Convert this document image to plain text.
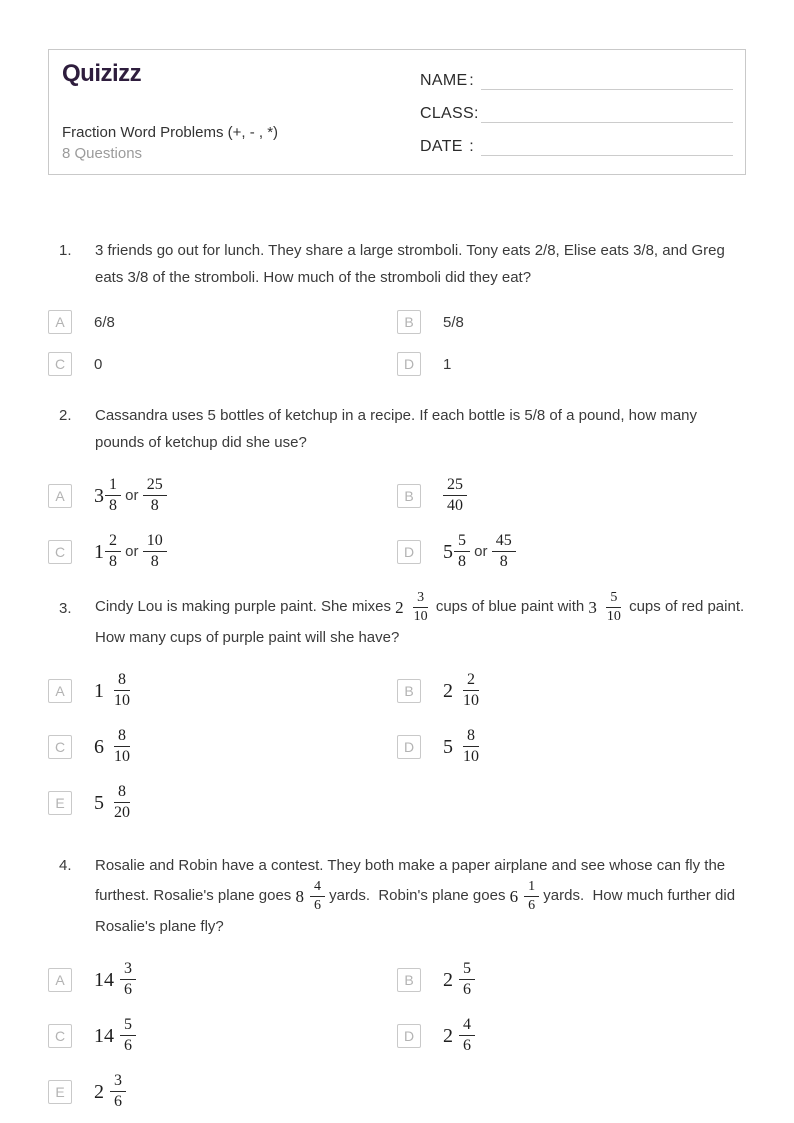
Quizizz
Fraction Word Problems (+, - , *)
8 Questions
NAME :
CLASS :
DATE :
1.	3 friends go out for lunch. They share a large stromboli. Tony eats 2/8, Elise eats 3/8, and Greg eats 3/8 of the stromboli. How much of the stromboli did they eat?
A	6/8	B	5/8
C	0	D	1
2.	Cassandra uses 5 bottles of ketchup in a recipe. If each bottle is 5/8 of a pound, how many pounds of ketchup did she use?
A	$3 \frac{1}{8}$ or $\frac{25}{8}$	B	$\frac{25}{40}$
C	$1 \frac{2}{8}$ or $\frac{10}{8}$	D	$5 \frac{5}{8}$ or $\frac{45}{8}$
3.	Cindy Lou is making purple paint. She mixes $2 \frac{3}{10}$ cups of blue paint with $3 \frac{5}{10}$ cups of red paint.  How many cups of purple paint will she have?
A	$1 \frac{8}{10}$	B	$2 \frac{2}{10}$
C	$6 \frac{8}{10}$	D	$5 \frac{8}{10}$
E	$5 \frac{8}{20}$
4.	Rosalie and Robin have a contest. They both make a paper airplane and see whose can fly the furthest. Rosalie's plane goes $8 \frac{4}{6}$ yards.  Robin's plane goes $6 \frac{1}{6}$ yards.  How much further did Rosalie's plane fly?
A	$14 \frac{3}{6}$	B	$2 \frac{5}{6}$
C	$14 \frac{5}{6}$	D	$2 \frac{4}{6}$
E	$2 \frac{3}{6}$
